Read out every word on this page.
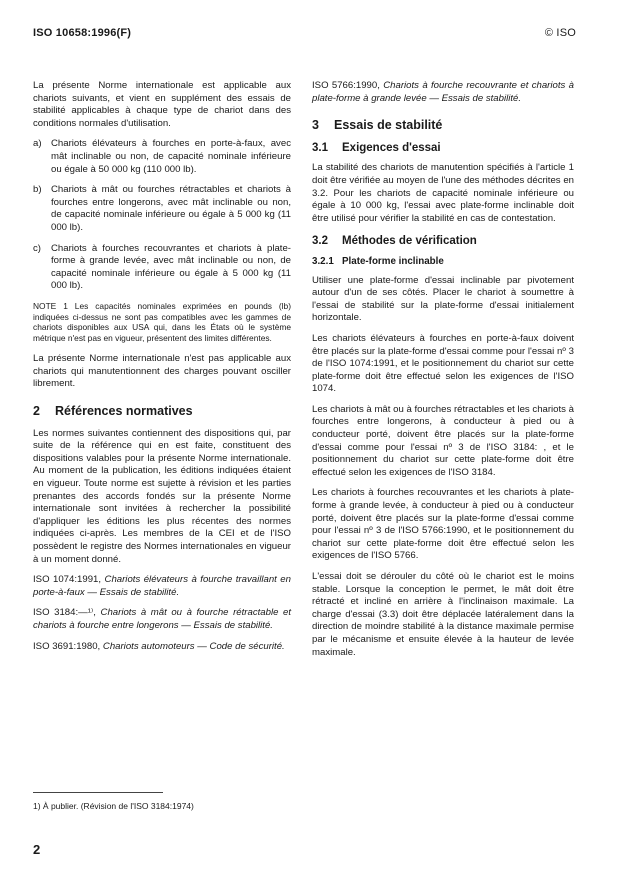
ISO 10658:1996(F)	© ISO

La présente Norme internationale est applicable aux chariots suivants, et vient en supplément des essais de stabilité applicables à chaque type de chariot dans des conditions normales d'utilisation.

a) Chariots élévateurs à fourches en porte-à-faux, avec mât inclinable ou non, de capacité nominale inférieure ou égale à 50 000 kg (110 000 lb).
b) Chariots à mât ou fourches rétractables et chariots à fourches entre longerons, avec mât inclinable ou non, de capacité nominale inférieure ou égale à 5 000 kg (11 000 lb).
c)	Chariots à fourches recouvrantes et chariots à plate-forme à grande levée, avec mât inclinable ou non, de capacité nominale inférieure ou égale à 5 000 kg (11 000 lb).

NOTE 1 Les capacités nominales exprimées en pounds (lb) indiquées ci-dessus ne sont pas compatibles avec les gammes de chariots disponibles aux USA qui, dans les États où le système métrique n'est pas en vigueur, présentent des limites différentes.

La présente Norme internationale n'est pas applicable aux chariots qui manutentionnent des charges pouvant osciller librement.

2	Références normatives

Les normes suivantes contiennent des dispositions qui, par suite de la référence qui en est faite, constituent des dispositions valables pour la présente Norme internationale. Au moment de la publication, les éditions indiquées étaient en vigueur. Toute norme est sujette à révision et les parties prenantes des accords fondés sur la présente Norme internationale sont invitées à rechercher la possibilité d'appliquer les éditions les plus récentes des normes indiquées ci-après. Les membres de la CEI et de l'ISO possèdent le registre des Normes internationales en vigueur à un moment donné.

ISO 1074:1991, Chariots élévateurs à fourche travaillant en porte-à-faux — Essais de stabilité.

ISO 3184:—¹⁾, Chariots à mât ou à fourche rétractable et chariots à fourche entre longerons — Essais de stabilité.

ISO 3691:1980, Chariots automoteurs — Code de sécurité.

ISO 5766:1990, Chariots à fourche recouvrante et chariots à plate-forme à grande levée — Essais de stabilité.

3	Essais de stabilité
3.1	Exigences d'essai

La stabilité des chariots de manutention spécifiés à l'article 1 doit être vérifiée au moyen de l'une des méthodes décrites en 3.2. Pour les chariots de capacité nominale inférieure ou égale à 10 000 kg, l'essai avec plate-forme inclinable doit être utilisé pour vérifier la stabilité en cas de contestation.

3.2	Méthodes de vérification
3.2.1 Plate-forme inclinable

Utiliser une plate-forme d'essai inclinable par pivotement autour d'un de ses côtés. Placer le chariot à soumettre à l'essai de stabilité sur la plate-forme d'essai initialement horizontale.

Les chariots élévateurs à fourches en porte-à-faux doivent être placés sur la plate-forme d'essai comme pour l'essai nº 3 de l'ISO 1074:1991, et le positionnement du chariot sur cette plate-forme doit être effectué selon les exigences de l'ISO 1074.

Les chariots à mât ou à fourches rétractables et les chariots à fourches entre longerons, à conducteur à pied ou à conducteur porté, doivent être placés sur la plate-forme d'essai comme pour l'essai nº 3 de l'ISO 3184: , et le positionnement du chariot sur cette plate-forme doit être effectué selon les exigences de l'ISO 3184.

Les chariots à fourches recouvrantes et les chariots à plate-forme à grande levée, à conducteur à pied ou à conducteur porté, doivent être placés sur la plate-forme d'essai comme pour l'essai nº 3 de l'ISO 5766:1990, et le positionnement du chariot sur cette plate-forme doit être effectué selon les exigences de l'ISO 5766.

L'essai doit se dérouler du côté où le chariot est le moins stable. Lorsque la conception le permet, le mât doit être rétracté et incliné en arrière à l'inclinaison maximale. La charge d'essai (3.3) doit être déplacée latéralement dans la direction de moindre stabilité à la distance maximale permise par le mécanisme et ensuite élevée à la hauteur de levée maximale.

1) À publier. (Révision de l'ISO 3184:1974)
2
